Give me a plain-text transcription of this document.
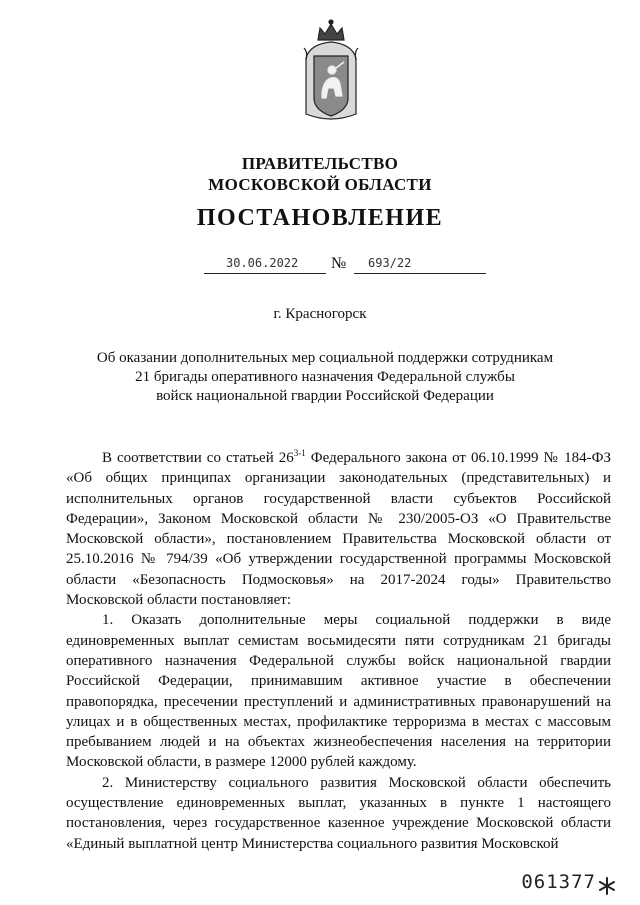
ПРАВИТЕЛЬСТВО
МОСКОВСКОЙ ОБЛАСТИ
ПОСТАНОВЛЕНИЕ
30.06.2022 № 693/22
г. Красногорск
Об оказании дополнительных мер социальной поддержки сотрудникам
21 бригады оперативного назначения Федеральной службы
войск национальной гвардии Российской Федерации

В соответствии со статьей 26$^{3-1}$ Федерального закона от 06.10.1999 № 184-ФЗ «Об общих принципах организации законодательных (представительных) и исполнительных органов государственной власти субъектов Российской Федерации», Законом Московской области № 230/2005-ОЗ «О Правительстве Московской области», постановлением Правительства Московской области от 25.10.2016 № 794/39 «Об утверждении государственной программы Московской области «Безопасность Подмосковья» на 2017-2024 годы» Правительство Московской области постановляет:

1. Оказать дополнительные меры социальной поддержки в виде единовременных выплат семистам восьмидесяти пяти сотрудникам 21 бригады оперативного назначения Федеральной службы войск национальной гвардии Российской Федерации, принимавшим активное участие в обеспечении правопорядка, пресечении преступлений и административных правонарушений на улицах и в общественных местах, профилактике терроризма в местах с массовым пребыванием людей и на объектах жизнеобеспечения населения на территории Московской области, в размере 12000 рублей каждому.

2. Министерству социального развития Московской области обеспечить осуществление единовременных выплат, указанных в пункте 1 настоящего постановления, через государственное казенное учреждение Московской области «Единый выплатной центр Министерства социального развития Московской

061377
